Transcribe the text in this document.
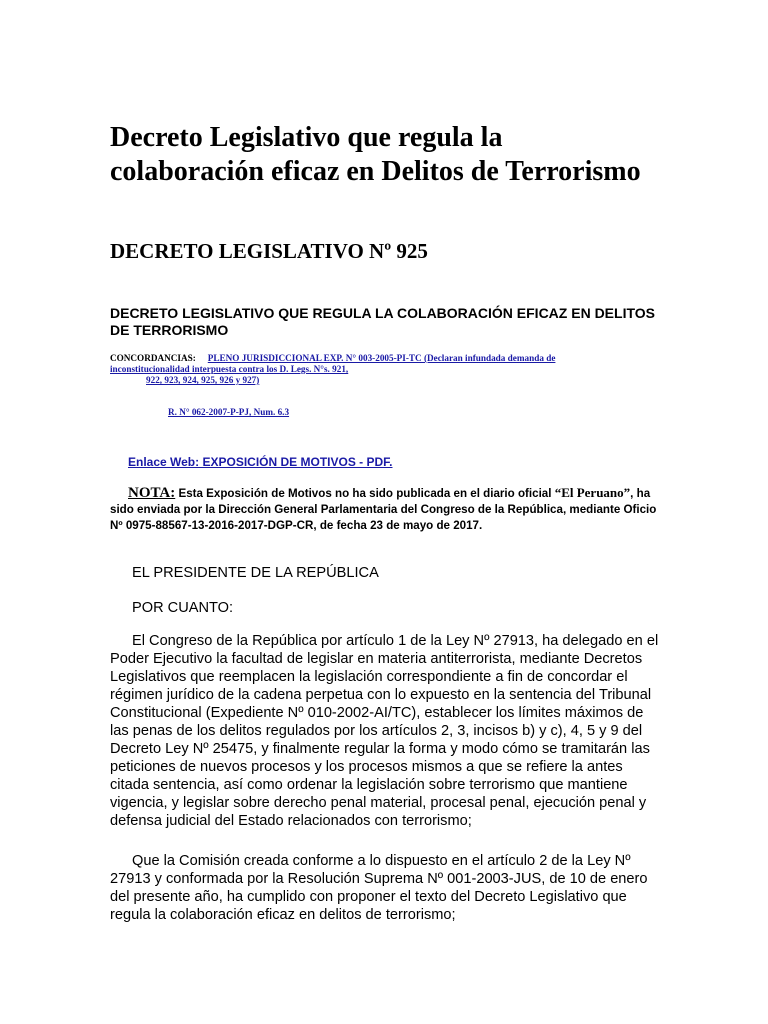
Decreto Legislativo que regula la colaboración eficaz en Delitos de Terrorismo
DECRETO LEGISLATIVO Nº 925
DECRETO LEGISLATIVO QUE REGULA LA COLABORACIÓN EFICAZ EN DELITOS DE TERRORISMO
CONCORDANCIAS: PLENO JURISDICCIONAL EXP. N° 003-2005-PI-TC (Declaran infundada demanda de inconstitucionalidad interpuesta contra los D. Legs. N°s. 921,
922, 923, 924, 925, 926 y 927)
R. N° 062-2007-P-PJ, Num. 6.3
Enlace Web: EXPOSICIÓN DE MOTIVOS - PDF.
NOTA: Esta Exposición de Motivos no ha sido publicada en el diario oficial “El Peruano”, ha sido enviada por la Dirección General Parlamentaria del Congreso de la República, mediante Oficio Nº 0975-88567-13-2016-2017-DGP-CR, de fecha 23 de mayo de 2017.

EL PRESIDENTE DE LA REPÚBLICA

POR CUANTO:

El Congreso de la República por artículo 1 de la Ley Nº 27913, ha delegado en el Poder Ejecutivo la facultad de legislar en materia antiterrorista, mediante Decretos Legislativos que reemplacen la legislación correspondiente a fin de concordar el régimen jurídico de la cadena perpetua con lo expuesto en la sentencia del Tribunal Constitucional (Expediente Nº 010-2002-AI/TC), establecer los límites máximos de las penas de los delitos regulados por los artículos 2, 3, incisos b) y c), 4, 5 y 9 del Decreto Ley Nº 25475, y finalmente regular la forma y modo cómo se tramitarán las peticiones de nuevos procesos y los procesos mismos a que se refiere la antes citada sentencia, así como ordenar la legislación sobre terrorismo que mantiene vigencia, y legislar sobre derecho penal material, procesal penal, ejecución penal y defensa judicial del Estado relacionados con terrorismo;

Que la Comisión creada conforme a lo dispuesto en el artículo 2 de la Ley Nº 27913 y conformada por la Resolución Suprema Nº 001-2003-JUS, de 10 de enero del presente año, ha cumplido con proponer el texto del Decreto Legislativo que regula la colaboración eficaz en delitos de terrorismo;
